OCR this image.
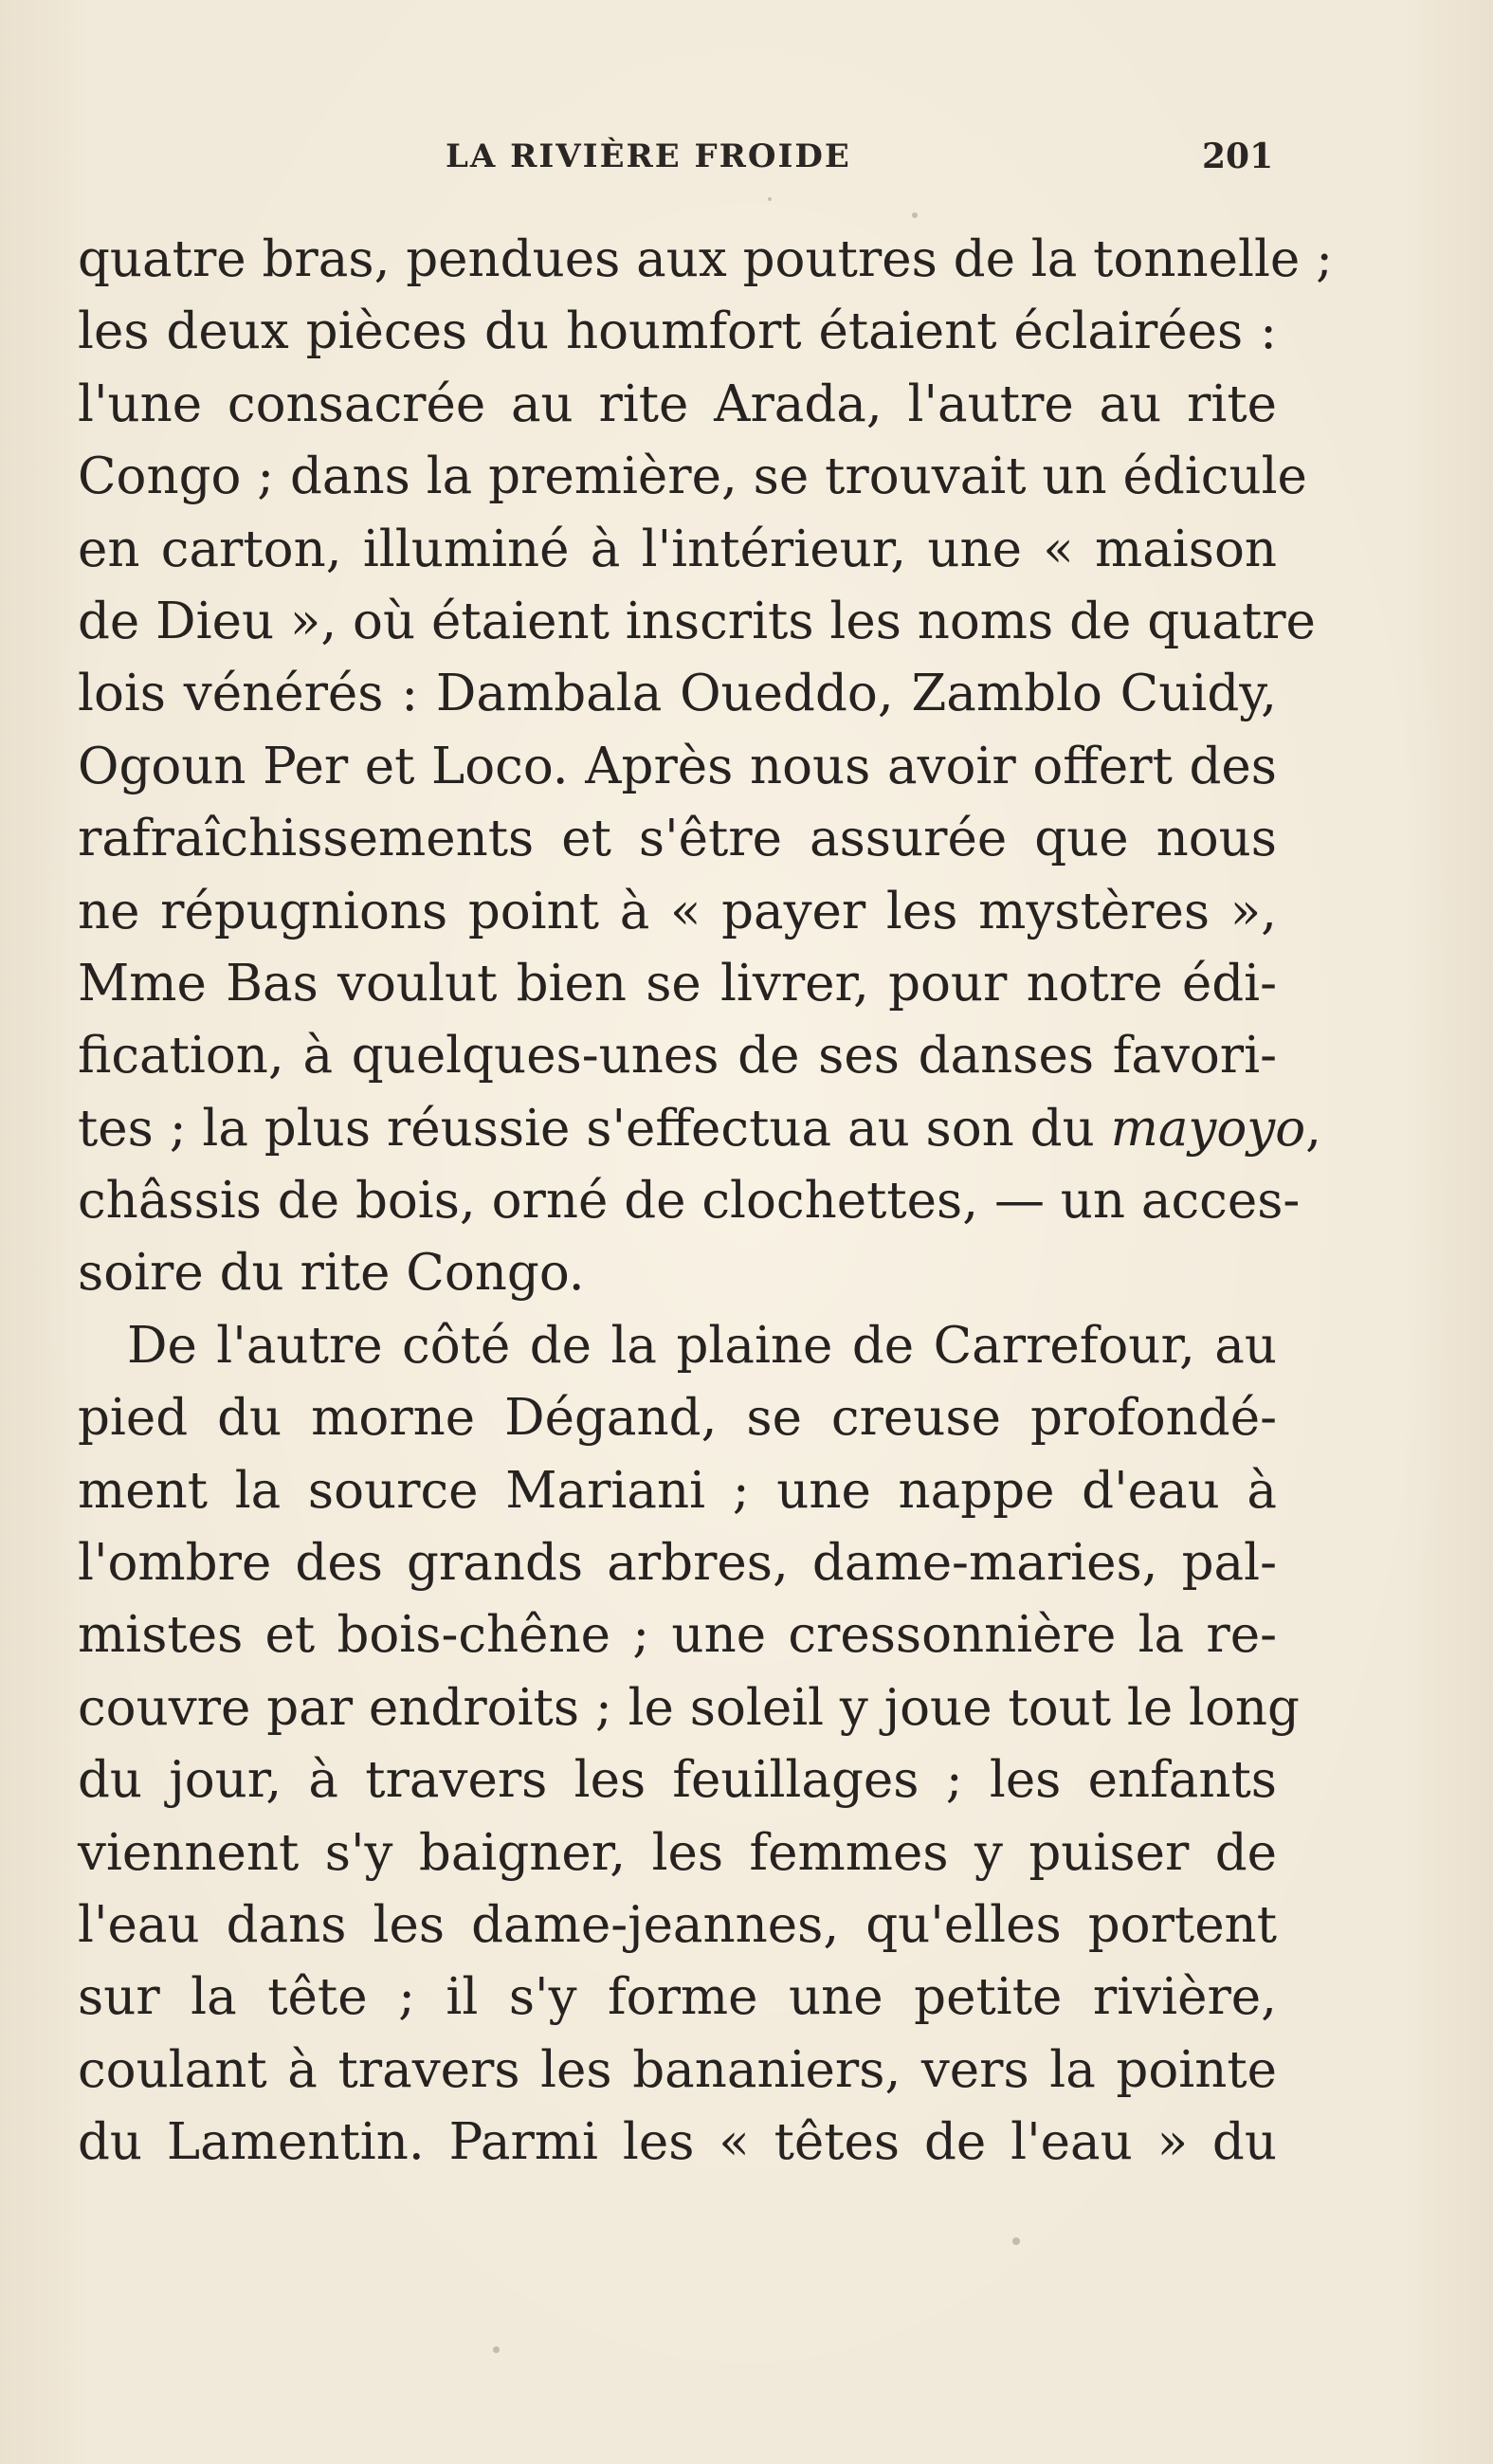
LA RIVIÈRE FROIDE	201
quatre bras, pendues aux poutres de la tonnelle ;
les deux pièces du houmfort étaient éclairées :
l'une consacrée au rite Arada, l'autre au rite
Congo ; dans la première, se trouvait un édicule
en carton, illuminé à l'intérieur, une « maison
de Dieu », où étaient inscrits les noms de quatre
lois vénérés : Dambala Oueddo, Zamblo Cuidy,
Ogoun Per et Loco. Après nous avoir offert des
rafraîchissements et s'être assurée que nous
ne répugnions point à « payer les mystères »,
Mme Bas voulut bien se livrer, pour notre édi-
fication, à quelques-unes de ses danses favori-
tes ; la plus réussie s'effectua au son du mayoyo,
châssis de bois, orné de clochettes, — un acces-
soire du rite Congo.
De l'autre côté de la plaine de Carrefour, au
pied du morne Dégand, se creuse profondé-
ment la source Mariani ; une nappe d'eau à
l'ombre des grands arbres, dame-maries, pal-
mistes et bois-chêne ; une cressonnière la re-
couvre par endroits ; le soleil y joue tout le long
du jour, à travers les feuillages ; les enfants
viennent s'y baigner, les femmes y puiser de
l'eau dans les dame-jeannes, qu'elles portent
sur la tête ; il s'y forme une petite rivière,
coulant à travers les bananiers, vers la pointe
du Lamentin. Parmi les « têtes de l'eau » du
